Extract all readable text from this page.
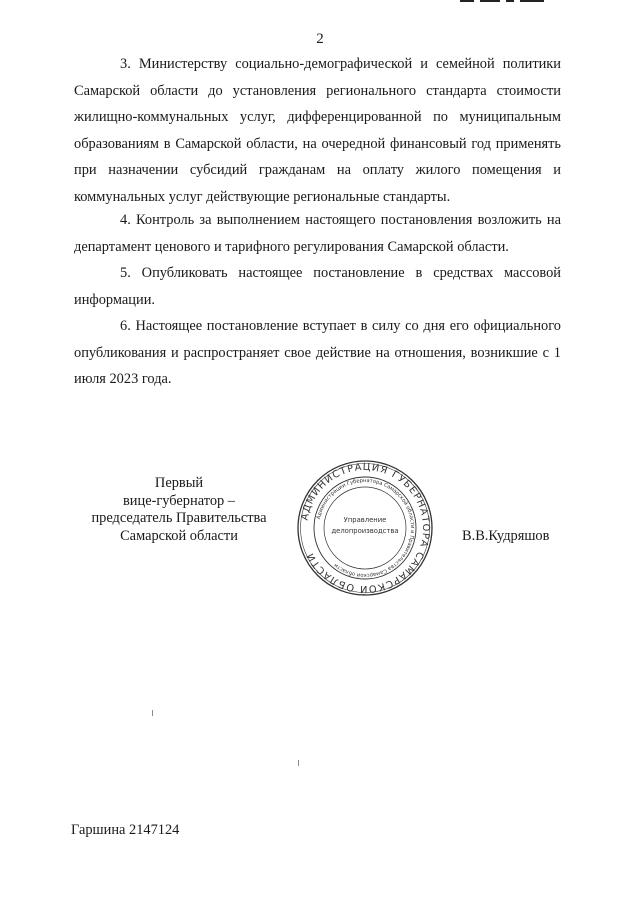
2

3. Министерству социально-демографической и семейной политики Самарской области до установления регионального стандарта стоимости жилищно-коммунальных услуг, дифференцированной по муниципальным образованиям в Самарской области, на очередной финансовый год применять при назначении субсидий гражданам на оплату жилого помещения и коммунальных услуг действующие региональные стандарты.

4. Контроль за выполнением настоящего постановления возложить на департамент ценового и тарифного регулирования Самарской области.

5. Опубликовать настоящее постановление в средствах массовой информации.

6. Настоящее постановление вступает в силу со дня его официального опубликования и распространяет свое действие на отношения, возникшие с 1 июля 2023 года.

Первый
вице-губернатор –
председатель Правительства
Самарской области
АДМИНИСТРАЦИЯ ГУБЕРНАТОРА САМАРСКОЙ ОБЛАСТИ
Администрации Губернатора Самарской области и Правительства Самарской области
Управление
делопроизводства	В.В.Кудряшов
Гаршина 2147124
